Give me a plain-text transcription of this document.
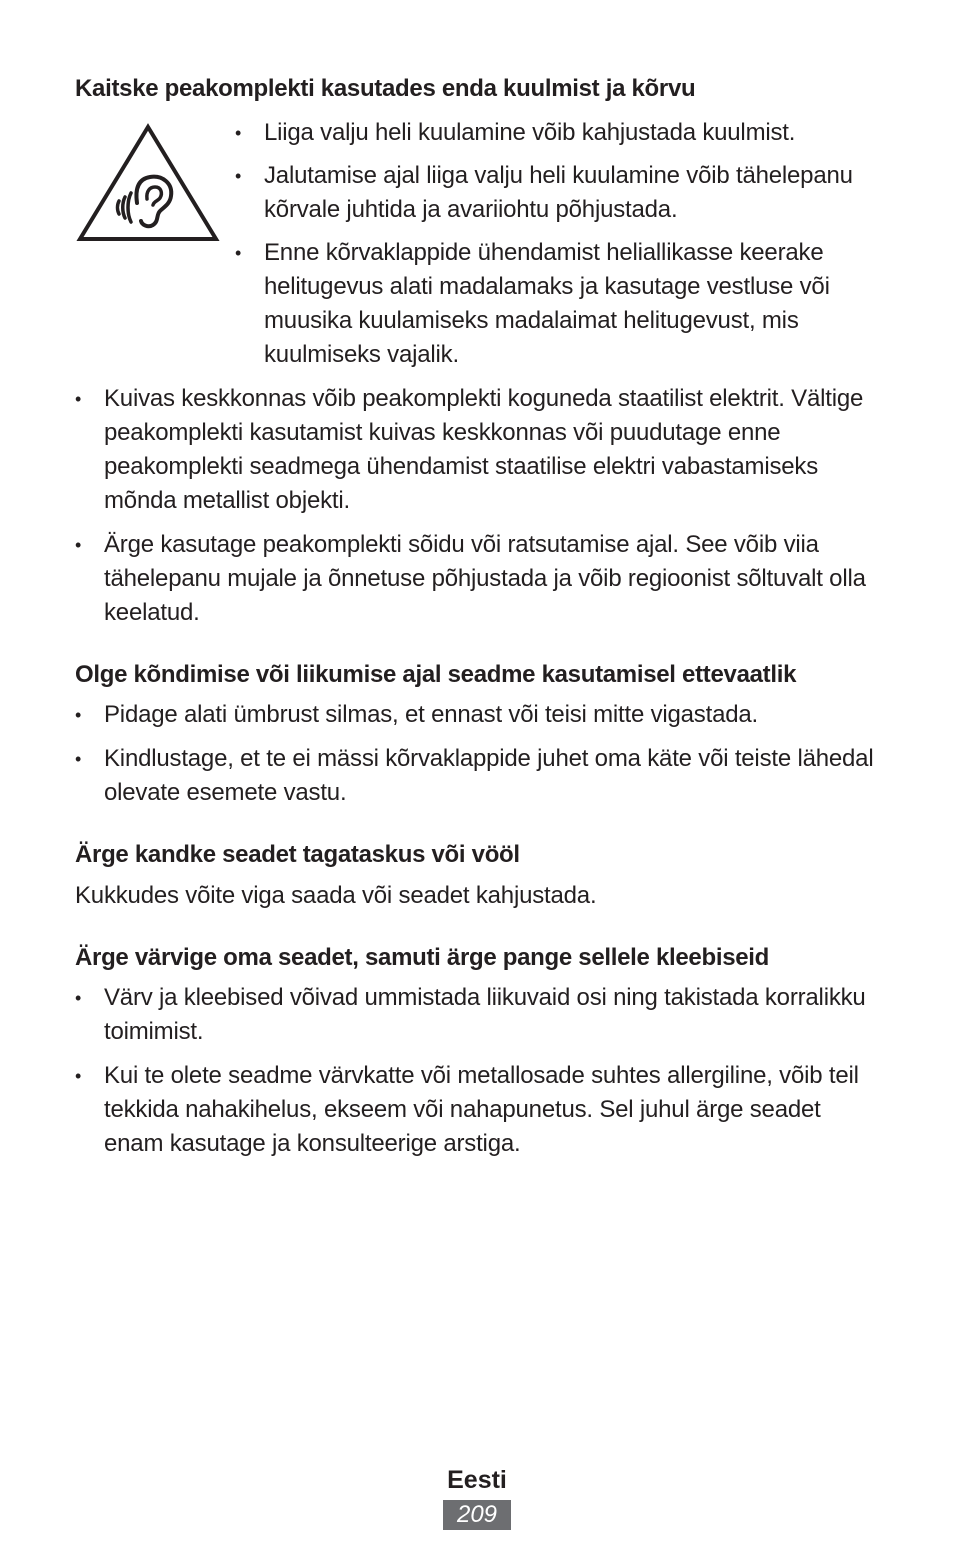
Kaitske peakomplekti kasutades enda kuulmist ja kõrvu
• Liiga valju heli kuulamine võib kahjustada kuulmist.
• Jalutamise ajal liiga valju heli kuulamine võib tähelepanu kõrvale juhtida ja avariiohtu põhjustada.
• Enne kõrvaklappide ühendamist heliallikasse keerake helitugevus alati madalamaks ja kasutage vestluse või muusika kuulamiseks madalaimat helitugevust, mis kuulmiseks vajalik.
• Kuivas keskkonnas võib peakomplekti koguneda staatilist elektrit. Vältige peakomplekti kasutamist kuivas keskkonnas või puudutage enne peakomplekti seadmega ühendamist staatilise elektri vabastamiseks mõnda metallist objekti.
• Ärge kasutage peakomplekti sõidu või ratsutamise ajal. See võib viia tähelepanu mujale ja õnnetuse põhjustada ja võib regioonist sõltuvalt olla keelatud.
Olge kõndimise või liikumise ajal seadme kasutamisel ettevaatlik
• Pidage alati ümbrust silmas, et ennast või teisi mitte vigastada.
• Kindlustage, et te ei mässi kõrvaklappide juhet oma käte või teiste lähedal olevate esemete vastu.
Ärge kandke seadet tagataskus või vööl

Kukkudes võite viga saada või seadet kahjustada.

Ärge värvige oma seadet, samuti ärge pange sellele kleebiseid
• Värv ja kleebised võivad ummistada liikuvaid osi ning takistada korralikku toimimist.
• Kui te olete seadme värvkatte või metallosade suhtes allergiline, võib teil tekkida nahakihelus, ekseem või nahapunetus. Sel juhul ärge seadet enam kasutage ja konsulteerige arstiga.
Eesti
209
